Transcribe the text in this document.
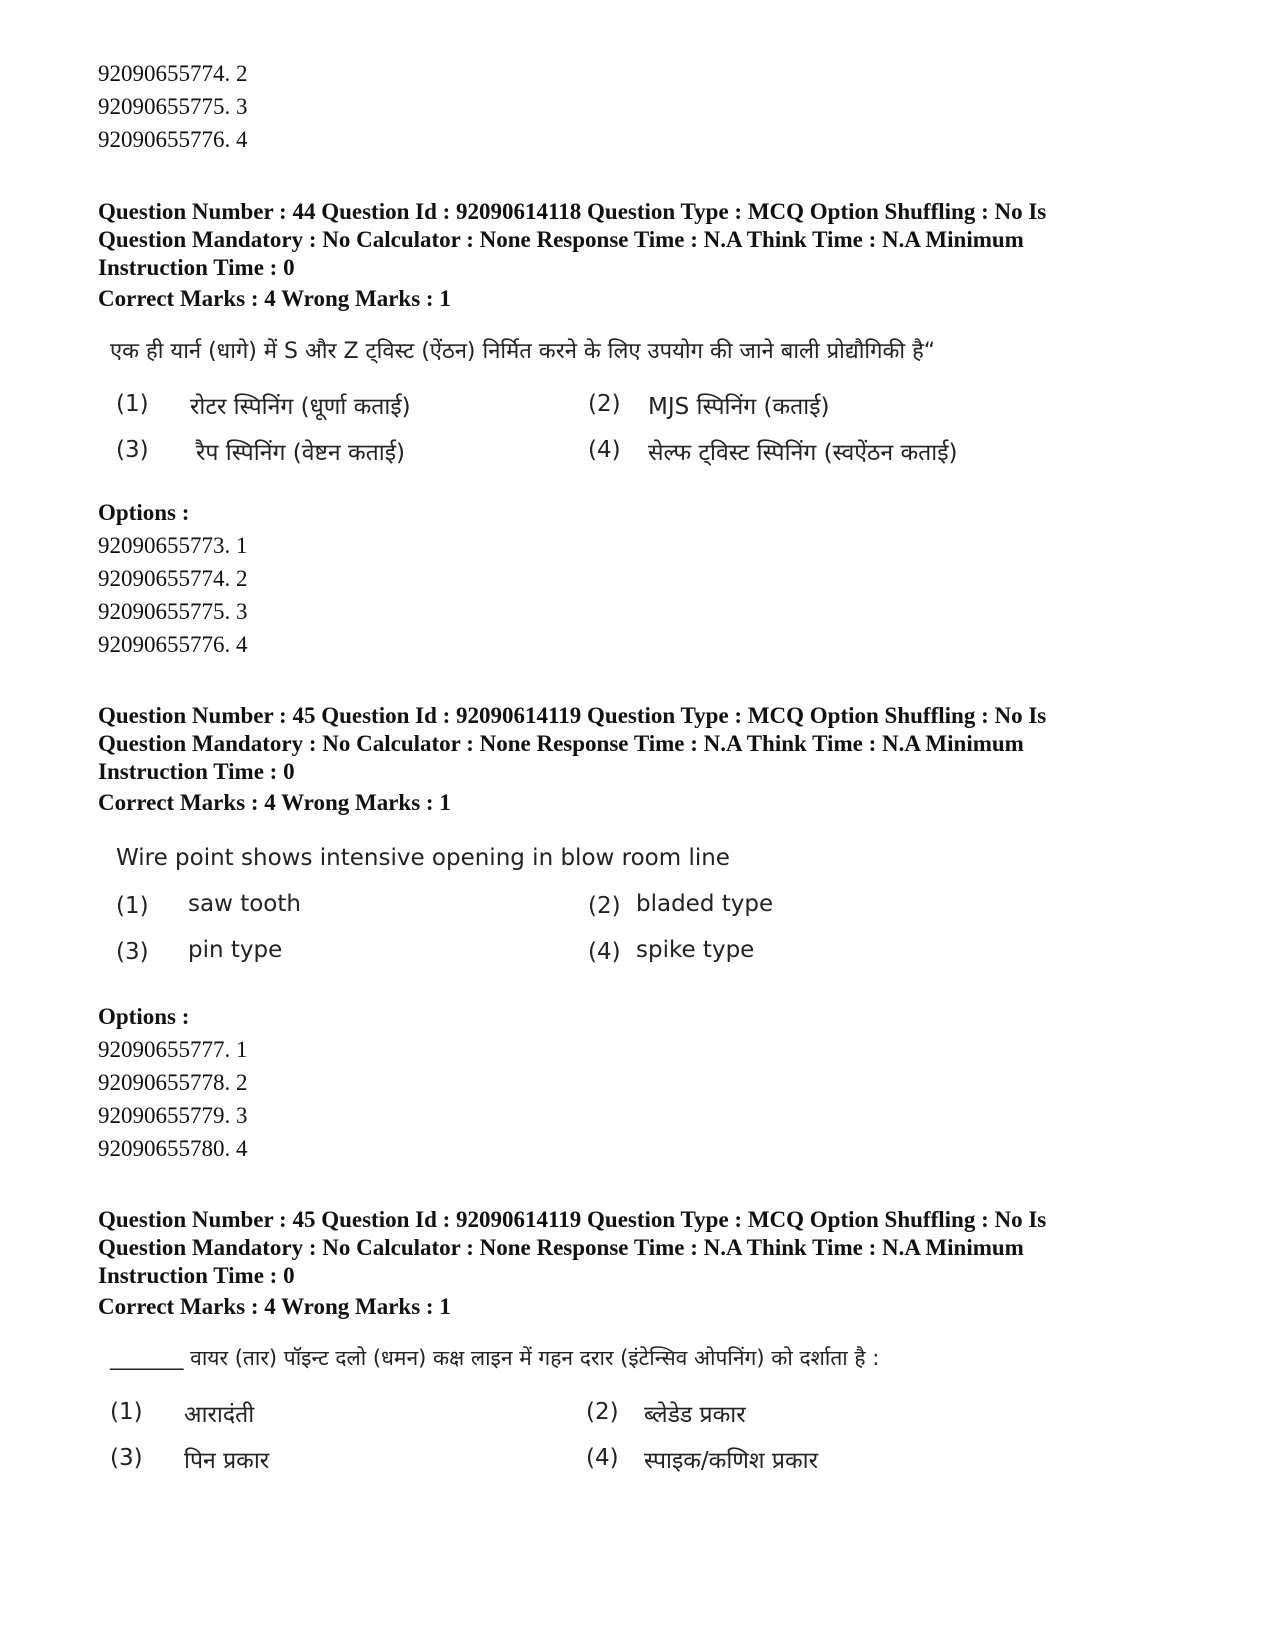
92090655774. 2
92090655775. 3
92090655776. 4
Question Number : 44 Question Id : 92090614118 Question Type : MCQ Option Shuffling : No Is
Question Mandatory : No Calculator : None Response Time : N.A Think Time : N.A Minimum
Instruction Time : 0
Correct Marks : 4 Wrong Marks : 1
एक ही यार्न (धागे) में S और Z ट्विस्ट (ऐंठन) निर्मित करने के लिए उपयोग की जाने बाली प्रोद्यौगिकी है“
(1) रोटर स्पिनिंग (धूर्णा कताई)	(2) MJS स्पिनिंग (कताई)
(3) रैप स्पिनिंग (वेष्टन कताई)	(4) सेल्फ ट्विस्ट स्पिनिंग (स्वऐंठन कताई)
Options :
92090655773. 1
92090655774. 2
92090655775. 3
92090655776. 4
Question Number : 45 Question Id : 92090614119 Question Type : MCQ Option Shuffling : No Is
Question Mandatory : No Calculator : None Response Time : N.A Think Time : N.A Minimum
Instruction Time : 0
Correct Marks : 4 Wrong Marks : 1
Wire point shows intensive opening in blow room line
(1) saw tooth	(2) bladed type
(3) pin type	(4) spike type
Options :
92090655777. 1
92090655778. 2
92090655779. 3
92090655780. 4
Question Number : 45 Question Id : 92090614119 Question Type : MCQ Option Shuffling : No Is
Question Mandatory : No Calculator : None Response Time : N.A Think Time : N.A Minimum
Instruction Time : 0
Correct Marks : 4 Wrong Marks : 1
_______ वायर (तार) पॉइन्ट दलो (धमन) कक्ष लाइन में गहन दरार (इंटेन्सिव ओपनिंग) को दर्शाता है :
(1) आरादंती	(2) ब्लेडेड प्रकार
(3) पिन प्रकार	(4) स्पाइक/कणिश प्रकार
